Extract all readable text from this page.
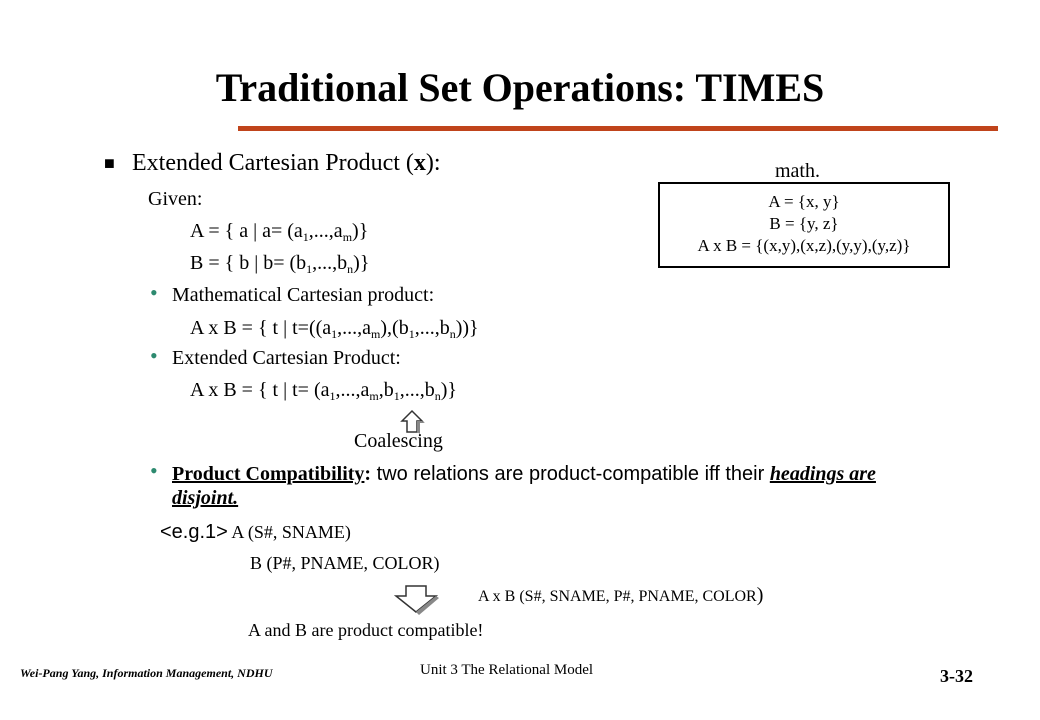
Traditional Set Operations: TIMES
■ Extended Cartesian Product (x):
Given:
A = { a | $a= (a_1,...,a_m)$}
B = { b | $b= (b_1,...,b_n)$}
• Mathematical Cartesian product:
A x B = { t | $t=((a_1,...,a_m),(b_1,...,b_n))$}
• Extended Cartesian Product:
A x B = { t | $t= (a_1,...,a_m,b_1,...,b_n)$}
Coalescing
• Product Compatibility: two relations are product-compatible iff their headings are
disjoint.
<e.g.1> A (S#, SNAME)
B (P#, PNAME, COLOR)
A x B (S#, SNAME, P#, PNAME, COLOR)
A and B are product compatible!
math.
A = {x, y}
B = {y, z}
A x B = {(x,y),(x,z),(y,y),(y,z)}
Wei-Pang Yang, Information Management, NDHU	Unit 3 The Relational Model	3-32
